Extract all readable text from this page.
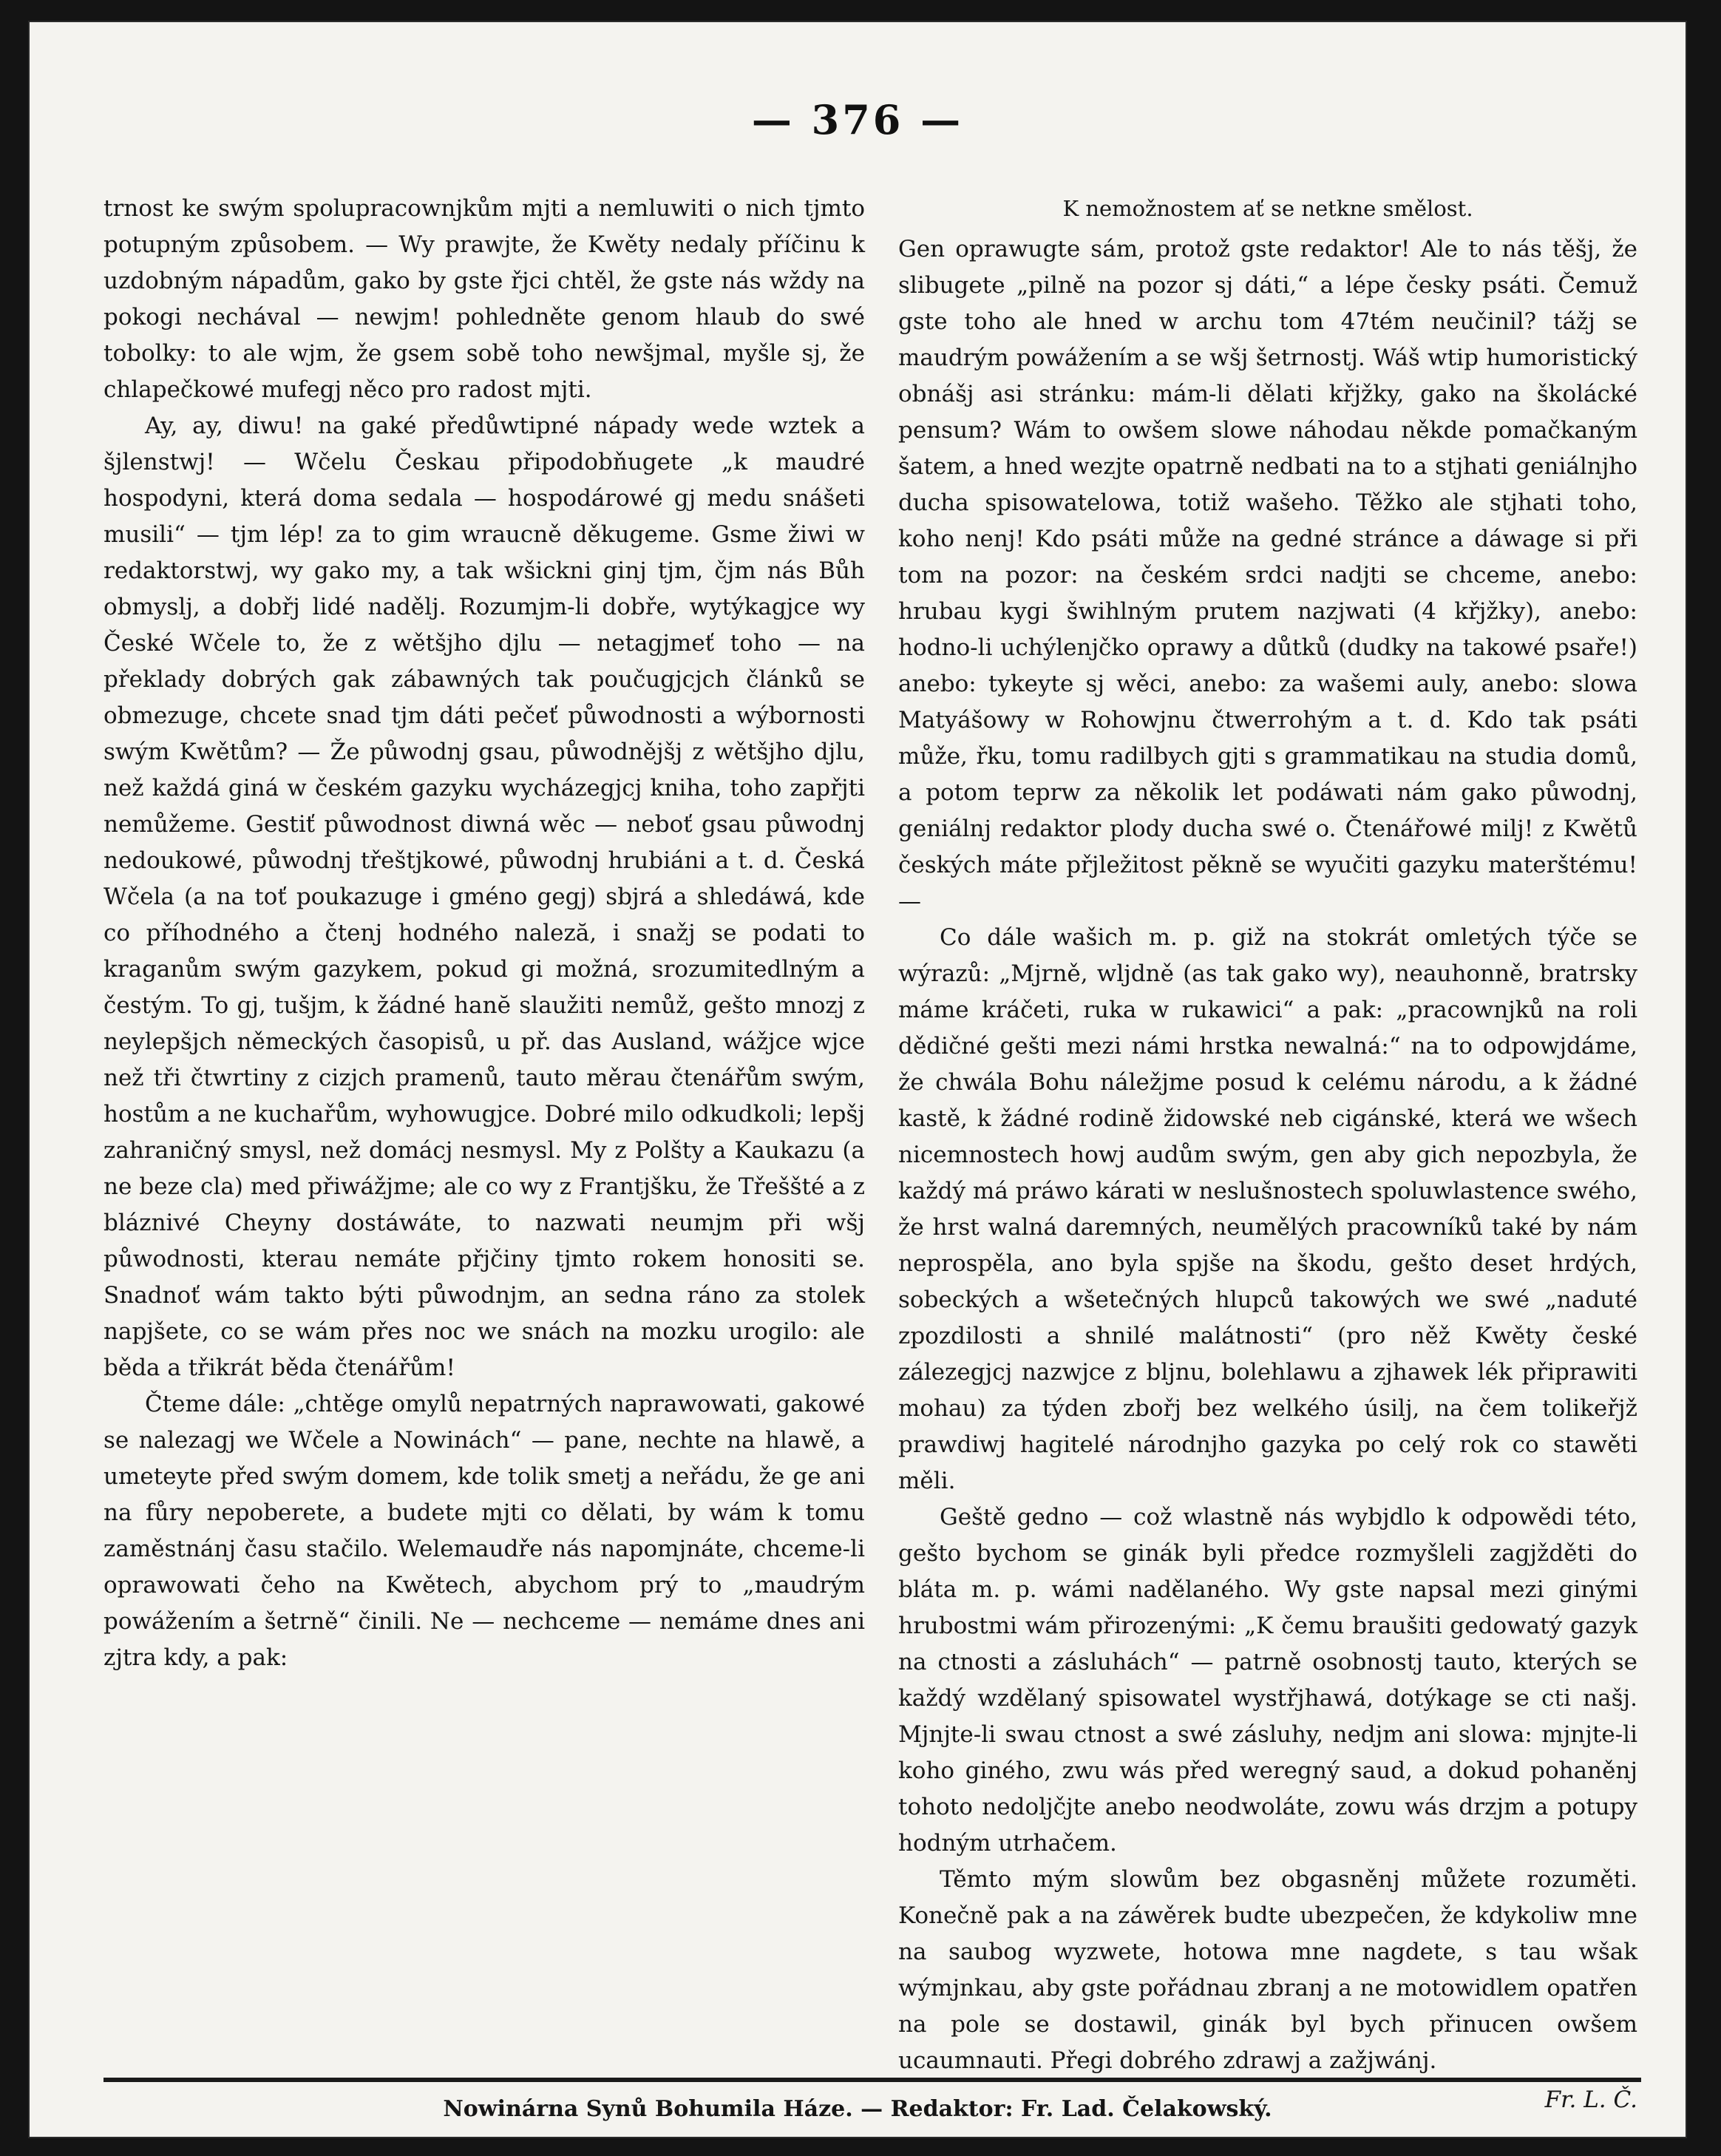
— 376 —

trnost ke swým spolupracownjkům mjti a nemluwiti o nich tjmto potupným způsobem. — Wy prawjte, že Kwěty nedaly příčinu k uzdobným nápadům, gako by gste řjci chtěl, že gste nás wždy na pokogi nechával — newjm! pohledněte genom hlaub do swé tobolky: to ale wjm, že gsem sobě toho newšjmal, myšle sj, že chlapečkowé mufegj něco pro radost mjti.

Ay, ay, diwu! na gaké předůwtipné nápady wede wztek a šjlenstwj! — Wčelu Českau připodobňugete „k maudré hospodyni, která doma sedala — hospodárowé gj medu snášeti musili“ — tjm lép! za to gim wraucně děkugeme. Gsme žiwi w redaktorstwj, wy gako my, a tak wšickni ginj tjm, čjm nás Bůh obmyslj, a dobřj lidé nadělj. Rozumjm-li dobře, wytýkagjce wy České Wčele to, že z wětšjho djlu — netagjmeť toho — na překlady dobrých gak zábawných tak poučugjcjch článků se obmezuge, chcete snad tjm dáti pečeť půwodnosti a wýbornosti swým Kwětům? — Že půwodnj gsau, půwodnějšj z wětšjho djlu, než každá giná w českém gazyku wycházegjcj kniha, toho zapřjti nemůžeme. Gestiť půwodnost diwná wěc — neboť gsau půwodnj nedoukowé, půwodnj třeštjkowé, půwodnj hrubiáni a t. d. Česká Wčela (a na toť poukazuge i gméno gegj) sbjrá a shledáwá, kde co příhodného a čtenj hodného naleză, i snažj se podati to kraganům swým gazykem, pokud gi možná, srozumitedlným a čestým. To gj, tušjm, k žádné hanĕ slaužiti nemůž, gešto mnozj z neylepšjch německých časopisů, u př. das Ausland, wážjce wjce než tři čtwrtiny z cizjch pramenů, tauto měrau čtenářům swým, hostům a ne kuchařům, wyhowugjce. Dobré milo odkudkoli; lepšj zahraničný smysl, než domácj nesmysl. My z Polšty a Kaukazu (a ne beze cla) med přiwážjme; ale co wy z Frantjšku, že Třeššté a z bláznivé Cheyny dostáwáte, to nazwati neumjm při wšj půwodnosti, kterau nemáte přjčiny tjmto rokem honositi se. Snadnoť wám takto býti půwodnjm, an sedna ráno za stolek napjšete, co se wám přes noc we snách na mozku urogilo: ale běda a třikrát běda čtenářům!

Čteme dále: „chtěge omylů nepatrných naprawowati, gakowé se nalezagj we Wčele a Nowinách“ — pane, nechte na hlawě, a umeteyte před swým domem, kde tolik smetj a neřádu, že ge ani na fůry nepoberete, a budete mjti co dělati, by wám k tomu zaměstnánj času stačilo. Welemaudře nás napomjnáte, chceme-li oprawowati čeho na Kwětech, abychom prý to „maudrým powážením a šetrně“ činili. Ne — nechceme — nemáme dnes ani zjtra kdy, a pak:

K nemožnostem ať se netkne smělost.

Gen oprawugte sám, protož gste redaktor! Ale to nás těšj, že slibugete „pilně na pozor sj dáti,“ a lépe česky psáti. Čemuž gste toho ale hned w archu tom 47tém neučinil? tážj se maudrým powážením a se wšj šetrnostj. Wáš wtip humoristický obnášj asi stránku: mám-li dělati křjžky, gako na školácké pensum? Wám to owšem slowe náhodau někde pomačkaným šatem, a hned wezjte opatrně nedbati na to a stjhati geniálnjho ducha spisowatelowa, totiž wašeho. Těžko ale stjhati toho, koho nenj! Kdo psáti může na gedné stránce a dáwage si při tom na pozor: na českém srdci nadjti se chceme, anebo: hrubau kygi šwihlným prutem nazjwati (4 křjžky), anebo: hodno-li uchýlenjčko oprawy a důtků (dudky na takowé psaře!) anebo: tykeyte sj wěci, anebo: za wašemi auly, anebo: slowa Matyášowy w Rohowjnu čtwerrohým a t. d. Kdo tak psáti může, řku, tomu radilbych gjti s grammatikau na studia domů, a potom teprw za několik let podáwati nám gako půwodnj, geniálnj redaktor plody ducha swé o. Čtenářowé milj! z Kwětů českých máte přjležitost pěkně se wyučiti gazyku materštému! —

Co dále wašich m. p. giž na stokrát omletých týče se wýrazů: „Mjrně, wljdně (as tak gako wy), neauhonně, bratrsky máme kráčeti, ruka w rukawici“ a pak: „pracownjků na roli dědičné gešti mezi námi hrstka newalná:“ na to odpowjdáme, že chwála Bohu náležjme posud k celému národu, a k žádné kastě, k žádné rodině židowské neb cigánské, která we wšech nicemnostech howj audům swým, gen aby gich nepozbyla, že každý má práwo kárati w neslušnostech spoluwlastence swého, že hrst walná daremných, neumělých pracowníků také by nám neprospěla, ano byla spjše na škodu, gešto deset hrdých, sobeckých a wšetečných hlupců takowých we swé „naduté zpozdilosti a shnilé malátnosti“ (pro něž Kwěty české zálezegjcj nazwjce z bljnu, bolehlawu a zjhawek lék připrawiti mohau) za týden zbořj bez welkého úsilj, na čem tolikeřjž prawdiwj hagitelé národnjho gazyka po celý rok co stawěti měli.

Geště gedno — což wlastně nás wybjdlo k odpowědi této, gešto bychom se ginák byli předce rozmyšleli zagjžděti do bláta m. p. wámi nadělaného. Wy gste napsal mezi ginými hrubostmi wám přirozenými: „K čemu braušiti gedowatý gazyk na ctnosti a zásluhách“ — patrně osobnostj tauto, kterých se každý wzdělaný spisowatel wystřjhawá, dotýkage se cti našj. Mjnjte-li swau ctnost a swé zásluhy, nedjm ani slowa: mjnjte-li koho giného, zwu wás před weregný saud, a dokud pohaněnj tohoto nedoljčjte anebo neodwoláte, zowu wás drzjm a potupy hodným utrhačem.

Těmto mým slowům bez obgasněnj můžete rozuměti. Konečně pak a na záwěrek budte ubezpečen, že kdykoliw mne na saubog wyzwete, hotowa mne nagdete, s tau wšak wýmjnkau, aby gste pořádnau zbranj a ne motowidlem opatřen na pole se dostawil, ginák byl bych přinucen owšem ucaumnauti. Přegi dobrého zdrawj a zažjwánj.

Fr. L. Č.
Nowinárna Synů Bohumila Háze. — Redaktor: Fr. Lad. Čelakowský.
